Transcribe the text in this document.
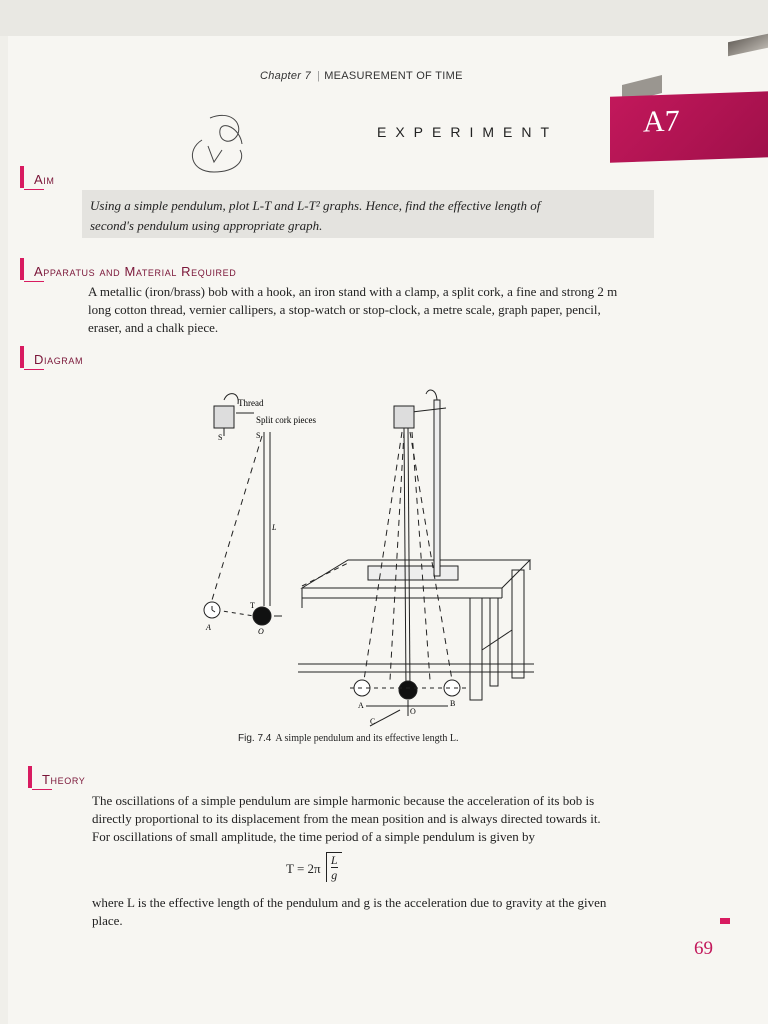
Chapter 7 | MEASUREMENT OF TIME
EXPERIMENT	A7
Aim
Using a simple pendulum, plot L-T and L-T² graphs. Hence, find the effective length of
second's pendulum using appropriate graph.
Apparatus and Material Required
A metallic (iron/brass) bob with a hook, an iron stand with a clamp, a split cork, a fine and strong 2 m
long cotton thread, vernier callipers, a stop-watch or stop-clock, a metre scale, graph paper, pencil,
eraser, and a chalk piece.
Diagram
Thread
Split cork pieces
S	S
L
T
A	O
A	B
C
O
Fig. 7.4 A simple pendulum and its effective length L.
Theory
The oscillations of a simple pendulum are simple harmonic because the acceleration of its bob is
directly proportional to its displacement from the mean position and is always directed towards it.
For oscillations of small amplitude, the time period of a simple pendulum is given by
$T = 2\pi \frac{L}{g}$
where L is the effective length of the pendulum and g is the acceleration due to gravity at the given
place.
69
